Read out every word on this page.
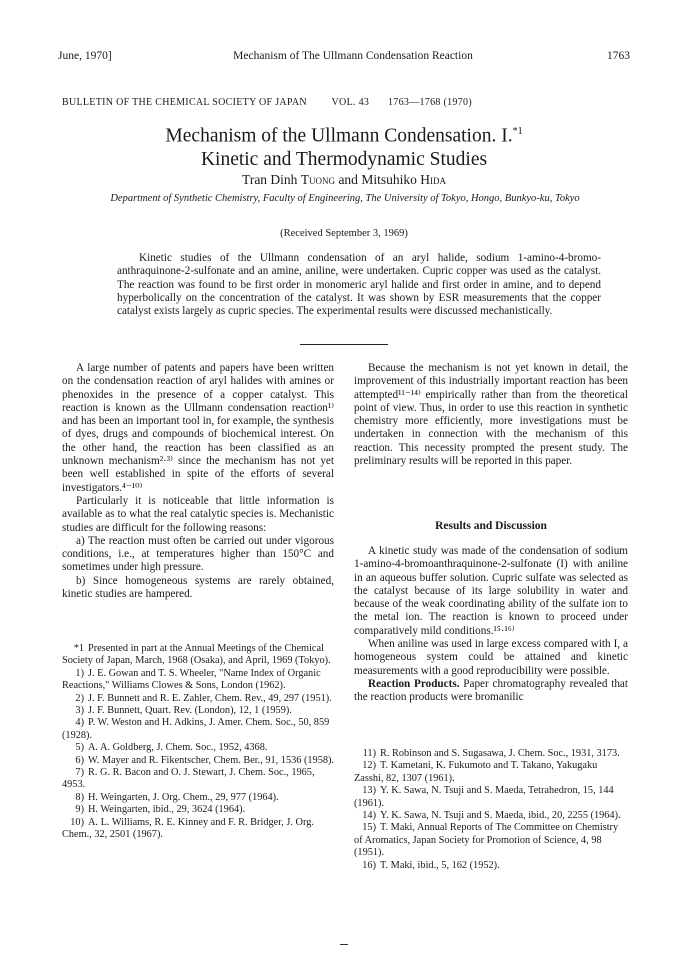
June, 1970]	Mechanism of The Ullmann Condensation Reaction	1763
BULLETIN OF THE CHEMICAL SOCIETY OF JAPAN VOL. 43 1763—1768 (1970)
Mechanism of the Ullmann Condensation. I.$^{*1}$
Kinetic and Thermodynamic Studies
Tran Dinh Tuong and Mitsuhiko Hida
Department of Synthetic Chemistry, Faculty of Engineering, The University of Tokyo, Hongo, Bunkyo-ku, Tokyo
(Received September 3, 1969)
Kinetic studies of the Ullmann condensation of an aryl halide, sodium 1-amino-4-bromo-anthraquinone-2-sulfonate and an amine, aniline, were undertaken. Cupric copper was used as the catalyst. The reaction was found to be first order in monomeric aryl halide and first order in amine, and to depend hyperbolically on the concentration of the catalyst. It was shown by ESR measurements that the copper catalyst exists largely as cupric species. The experimental results were discussed mechanistically.

A large number of patents and papers have been written on the condensation reaction of aryl halides with amines or phenoxides in the presence of a copper catalyst. This reaction is known as the Ullmann condensation reaction¹⁾ and has been an important tool in, for example, the synthesis of dyes, drugs and compounds of biochemical interest. On the other hand, the reaction has been classified as an unknown mechanism²·³⁾ since the mechanism has not yet been well established in spite of the efforts of several investigators.⁴⁻¹⁰⁾

Particularly it is noticeable that little information is available as to what the real catalytic species is. Mechanistic studies are difficult for the following reasons:

a) The reaction must often be carried out under vigorous conditions, i.e., at temperatures higher than 150°C and sometimes under high pressure.

b) Since homogeneous systems are rarely obtained, kinetic studies are hampered.

Because the mechanism is not yet known in detail, the improvement of this industrially important reaction has been attempted¹¹⁻¹⁴⁾ empirically rather than from the theoretical point of view. Thus, in order to use this reaction in synthetic chemistry more efficiently, more investigations must be undertaken in connection with the mechanism of this reaction. This necessity prompted the present study. The preliminary results will be reported in this paper.

Results and Discussion

A kinetic study was made of the condensation of sodium 1-amino-4-bromoanthraquinone-2-sulfonate (I) with aniline in an aqueous buffer solution. Cupric sulfate was selected as the catalyst because of its large solubility in water and because of the weak coordinating ability of the sulfate ion to the metal ion. The reaction is known to proceed under comparatively mild conditions.¹⁵·¹⁶⁾

When aniline was used in large excess compared with I, a homogeneous system could be attained and kinetic measurements with a good reproducibility were possible.

Reaction Products. Paper chromatography revealed that the reaction products were bromanilic

*1 Presented in part at the Annual Meetings of the Chemical Society of Japan, March, 1968 (Osaka), and April, 1969 (Tokyo).
1) J. E. Gowan and T. S. Wheeler, "Name Index of Organic Reactions," Williams Clowes & Sons, London (1962).
2) J. F. Bunnett and R. E. Zahler, Chem. Rev., 49, 297 (1951).
3) J. F. Bunnett, Quart. Rev. (London), 12, 1 (1959).
4) P. W. Weston and H. Adkins, J. Amer. Chem. Soc., 50, 859 (1928).
5) A. A. Goldberg, J. Chem. Soc., 1952, 4368.
6) W. Mayer and R. Fikentscher, Chem. Ber., 91, 1536 (1958).
7) R. G. R. Bacon and O. J. Stewart, J. Chem. Soc., 1965, 4953.
8) H. Weingarten, J. Org. Chem., 29, 977 (1964).
9) H. Weingarten, ibid., 29, 3624 (1964).
10) A. L. Williams, R. E. Kinney and F. R. Bridger, J. Org. Chem., 32, 2501 (1967).
11) R. Robinson and S. Sugasawa, J. Chem. Soc., 1931, 3173.
12) T. Kametani, K. Fukumoto and T. Takano, Yakugaku Zasshi, 82, 1307 (1961).
13) Y. K. Sawa, N. Tsuji and S. Maeda, Tetrahedron, 15, 144 (1961).
14) Y. K. Sawa, N. Tsuji and S. Maeda, ibid., 20, 2255 (1964).
15) T. Maki, Annual Reports of The Committee on Chemistry of Aromatics, Japan Society for Promotion of Science, 4, 98 (1951).
16) T. Maki, ibid., 5, 162 (1952).
